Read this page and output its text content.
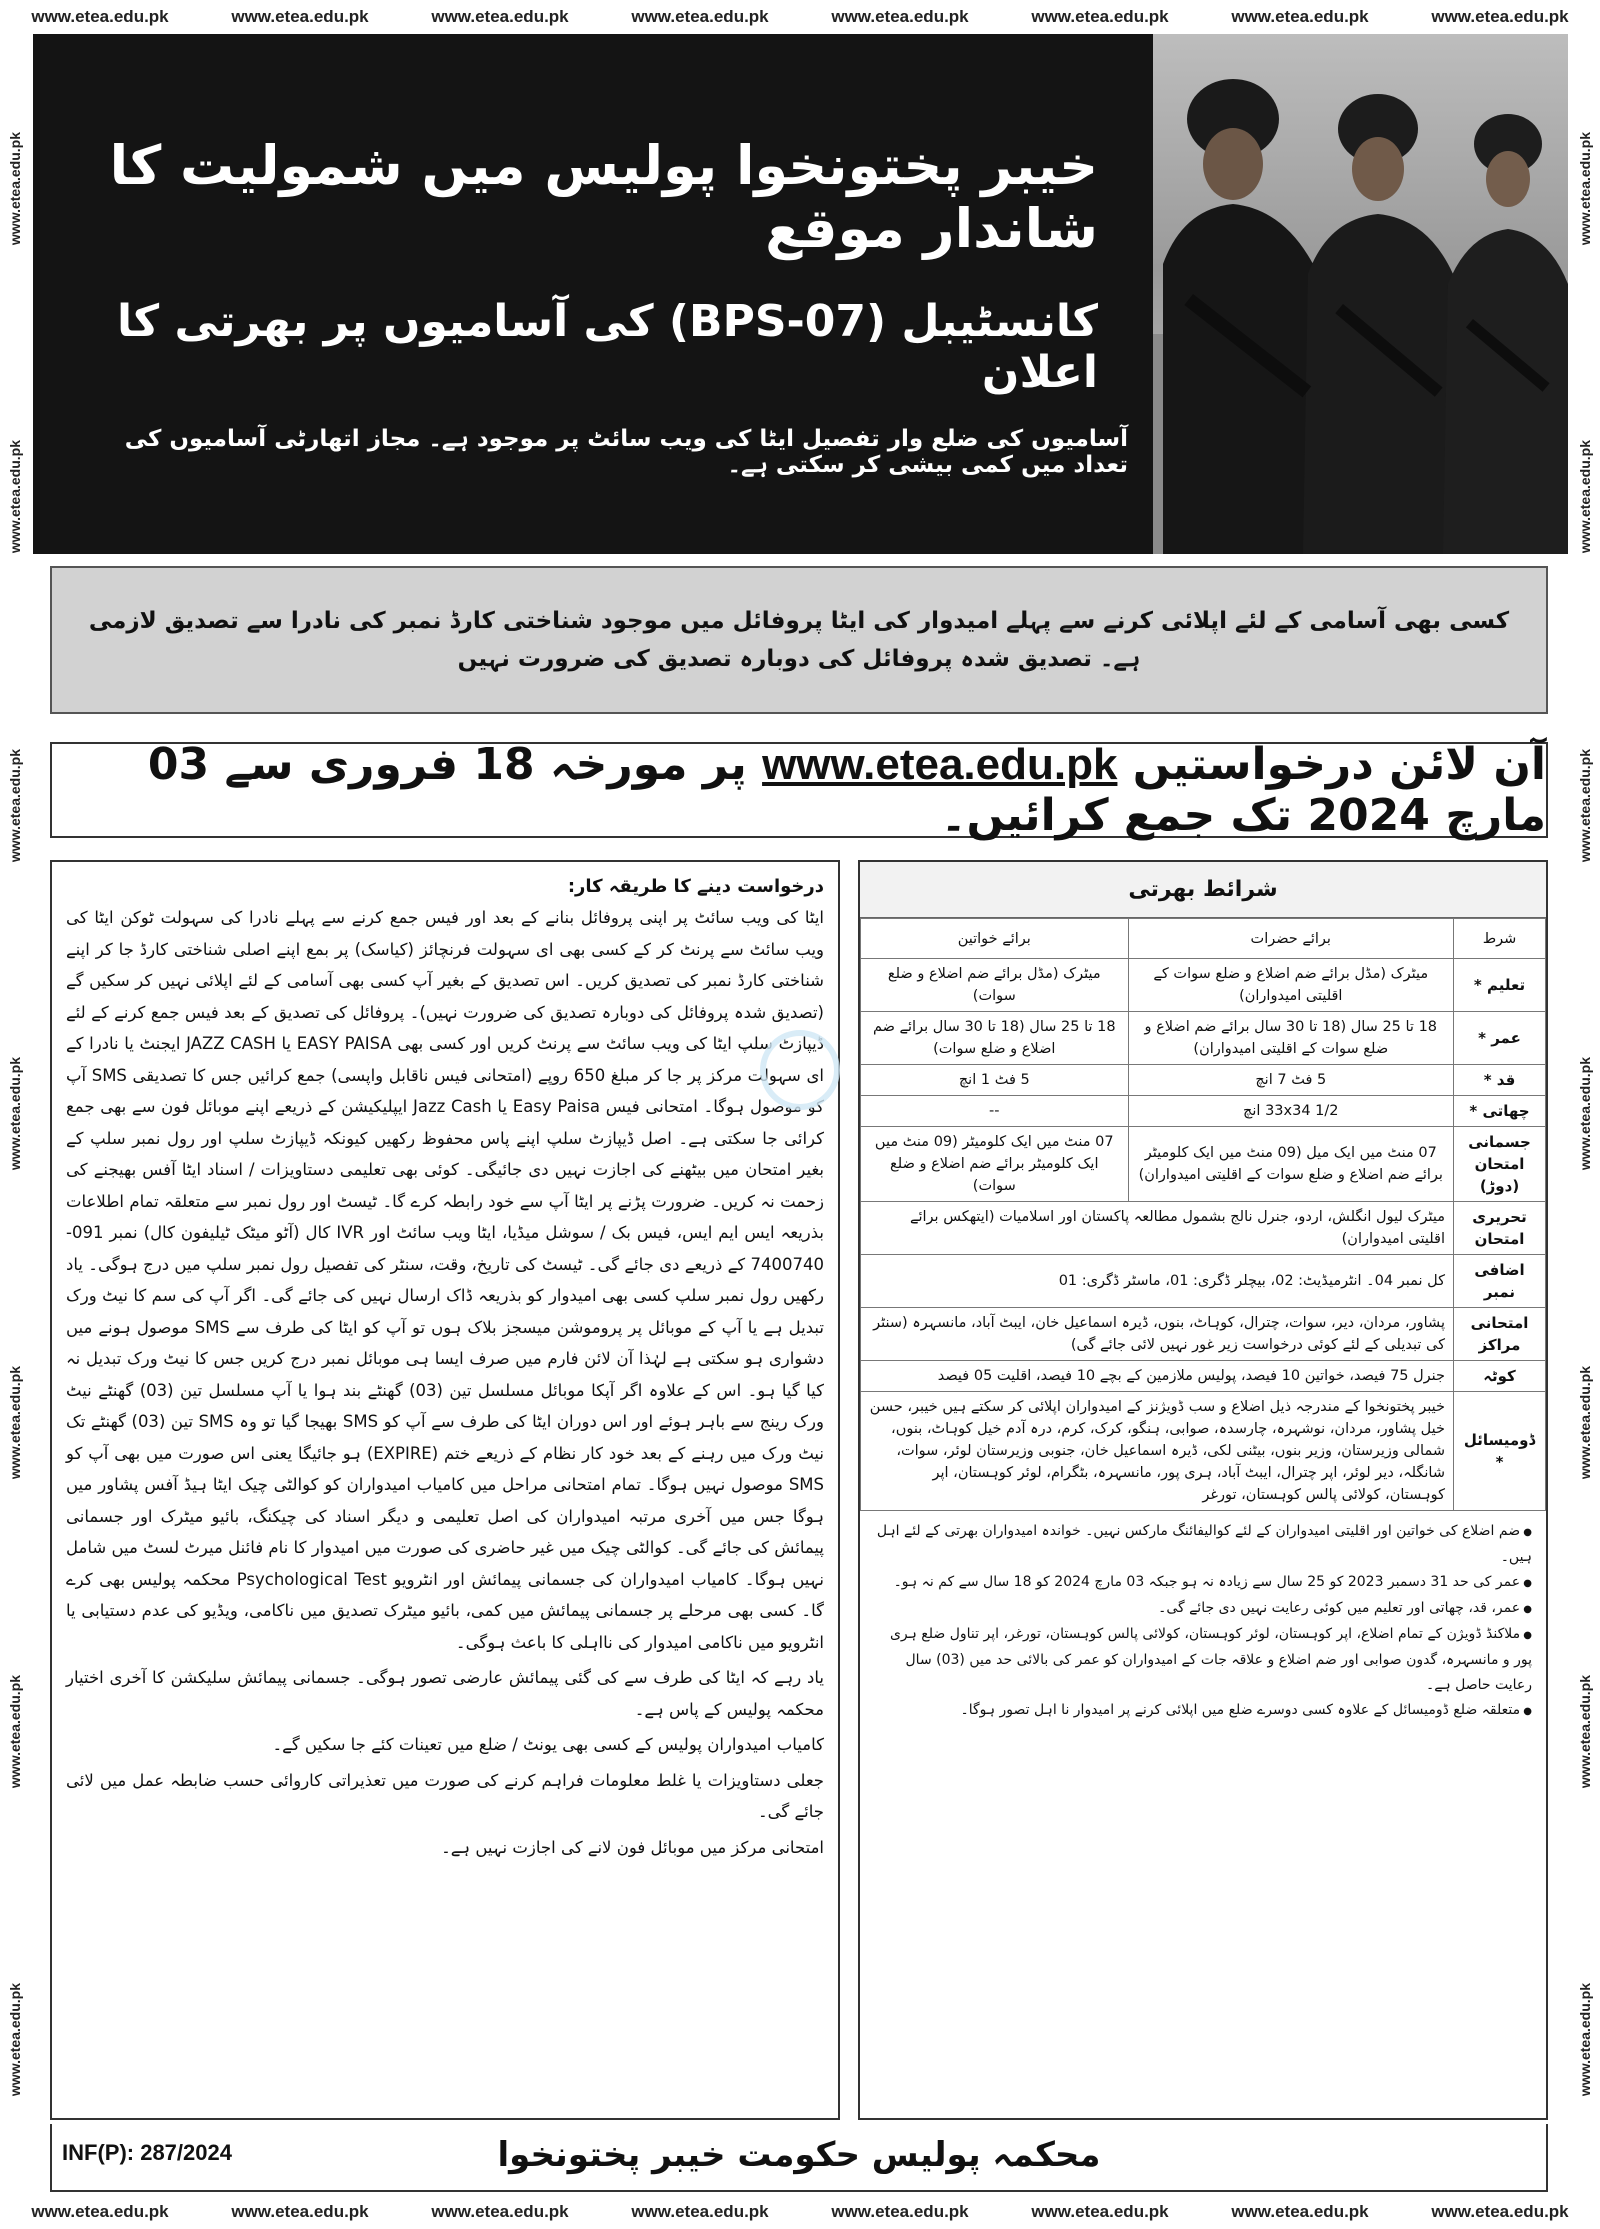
www.etea.edu.pk	www.etea.edu.pk	www.etea.edu.pk	www.etea.edu.pk	www.etea.edu.pk	www.etea.edu.pk	www.etea.edu.pk	www.etea.edu.pk
www.etea.edu.pk
www.etea.edu.pk
www.etea.edu.pk
www.etea.edu.pk
www.etea.edu.pk
www.etea.edu.pk
www.etea.edu.pk
www.etea.edu.pk
www.etea.edu.pk
www.etea.edu.pk
www.etea.edu.pk
www.etea.edu.pk
www.etea.edu.pk
www.etea.edu.pk
www.etea.edu.pk	www.etea.edu.pk	www.etea.edu.pk	www.etea.edu.pk	www.etea.edu.pk	www.etea.edu.pk	www.etea.edu.pk	www.etea.edu.pk
خیبر پختونخوا پولیس میں شمولیت کا شاندار موقع
کانسٹیبل (BPS-07) کی آسامیوں پر بھرتی کا اعلان
آسامیوں کی ضلع وار تفصیل ایٹا کی ویب سائٹ پر موجود ہے۔ مجاز اتھارٹی آسامیوں کی تعداد میں کمی بیشی کر سکتی ہے۔

کسی بھی آسامی کے لئے اپلائی کرنے سے پہلے امیدوار کی ایٹا پروفائل میں موجود شناختی کارڈ نمبر کی نادرا سے تصدیق لازمی ہے۔ تصدیق شدہ پروفائل کی دوبارہ تصدیق کی ضرورت نہیں

آن لائن درخواستیں www.etea.edu.pk پر مورخہ 18 فروری سے 03 مارچ 2024 تک جمع کرائیں۔

درخواست دینے کا طریقہ کار:

ایٹا کی ویب سائٹ پر اپنی پروفائل بنانے کے بعد اور فیس جمع کرنے سے پہلے نادرا کی سہولت ٹوکن ایٹا کی ویب سائٹ سے پرنٹ کر کے کسی بھی ای سہولت فرنچائز (کیاسک) پر بمع اپنے اصلی شناختی کارڈ جا کر اپنے شناختی کارڈ نمبر کی تصدیق کریں۔ اس تصدیق کے بغیر آپ کسی بھی آسامی کے لئے اپلائی نہیں کر سکیں گے (تصدیق شدہ پروفائل کی دوبارہ تصدیق کی ضرورت نہیں)۔ پروفائل کی تصدیق کے بعد فیس جمع کرنے کے لئے ڈیپازٹ سلپ ایٹا کی ویب سائٹ سے پرنٹ کریں اور کسی بھی EASY PAISA یا JAZZ CASH ایجنٹ یا نادرا کے ای سہولت مرکز پر جا کر مبلغ 650 روپے (امتحانی فیس ناقابل واپسی) جمع کرائیں جس کا تصدیقی SMS آپ کو موصول ہوگا۔ امتحانی فیس Easy Paisa یا Jazz Cash ایپلیکیشن کے ذریعے اپنے موبائل فون سے بھی جمع کرائی جا سکتی ہے۔ اصل ڈیپازٹ سلپ اپنے پاس محفوظ رکھیں کیونکہ ڈیپازٹ سلپ اور رول نمبر سلپ کے بغیر امتحان میں بیٹھنے کی اجازت نہیں دی جائیگی۔ کوئی بھی تعلیمی دستاویزات / اسناد ایٹا آفس بھیجنے کی زحمت نہ کریں۔ ضرورت پڑنے پر ایٹا آپ سے خود رابطہ کرے گا۔ ٹیسٹ اور رول نمبر سے متعلقہ تمام اطلاعات بذریعہ ایس ایم ایس، فیس بک / سوشل میڈیا، ایٹا ویب سائٹ اور IVR کال (آٹو میٹک ٹیلیفون کال) نمبر 091-7400740 کے ذریعے دی جائے گی۔ ٹیسٹ کی تاریخ، وقت، سنٹر کی تفصیل رول نمبر سلپ میں درج ہوگی۔ یاد رکھیں رول نمبر سلپ کسی بھی امیدوار کو بذریعہ ڈاک ارسال نہیں کی جائے گی۔ اگر آپ کی سم کا نیٹ ورک تبدیل ہے یا آپ کے موبائل پر پروموشن میسجز بلاک ہوں تو آپ کو ایٹا کی طرف سے SMS موصول ہونے میں دشواری ہو سکتی ہے لہٰذا آن لائن فارم میں صرف ایسا ہی موبائل نمبر درج کریں جس کا نیٹ ورک تبدیل نہ کیا گیا ہو۔ اس کے علاوہ اگر آپکا موبائل مسلسل تین (03) گھنٹے بند ہوا یا آپ مسلسل تین (03) گھنٹے نیٹ ورک رینج سے باہر ہوئے اور اس دوران ایٹا کی طرف سے آپ کو SMS بھیجا گیا تو وہ SMS تین (03) گھنٹے تک نیٹ ورک میں رہنے کے بعد خود کار نظام کے ذریعے ختم (EXPIRE) ہو جائیگا یعنی اس صورت میں بھی آپ کو SMS موصول نہیں ہوگا۔ تمام امتحانی مراحل میں کامیاب امیدواران کو کوالٹی چیک ایٹا ہیڈ آفس پشاور میں ہوگا جس میں آخری مرتبہ امیدواران کی اصل تعلیمی و دیگر اسناد کی چیکنگ، بائیو میٹرک اور جسمانی پیمائش کی جائے گی۔ کوالٹی چیک میں غیر حاضری کی صورت میں امیدوار کا نام فائنل میرٹ لسٹ میں شامل نہیں ہوگا۔ کامیاب امیدواران کی جسمانی پیمائش اور انٹرویو Psychological Test محکمہ پولیس بھی کرے گا۔ کسی بھی مرحلے پر جسمانی پیمائش میں کمی، بائیو میٹرک تصدیق میں ناکامی، ویڈیو کی عدم دستیابی یا انٹرویو میں ناکامی امیدوار کی نااہلی کا باعث ہوگی۔

یاد رہے کہ ایٹا کی طرف سے کی گئی پیمائش عارضی تصور ہوگی۔ جسمانی پیمائش سلیکشن کا آخری اختیار محکمہ پولیس کے پاس ہے۔

کامیاب امیدواران پولیس کے کسی بھی یونٹ / ضلع میں تعینات کئے جا سکیں گے۔

جعلی دستاویزات یا غلط معلومات فراہم کرنے کی صورت میں تعذیراتی کاروائی حسب ضابطہ عمل میں لائی جائے گی۔

امتحانی مرکز میں موبائل فون لانے کی اجازت نہیں ہے۔

شرائط بھرتی
شرط	برائے حضرات	برائے خواتین
تعلیم *	میٹرک (مڈل برائے ضم اضلاع و ضلع سوات کے اقلیتی امیدواران)	میٹرک (مڈل برائے ضم اضلاع و ضلع سوات)
عمر *	18 تا 25 سال (18 تا 30 سال برائے ضم اضلاع و ضلع سوات کے اقلیتی امیدواران)	18 تا 25 سال (18 تا 30 سال برائے ضم اضلاع و ضلع سوات)
قد *	5 فٹ 7 انچ	5 فٹ 1 انچ
چھاتی *	33x34 1/2 انچ	--
جسمانی امتحان (دوڑ)	07 منٹ میں ایک میل (09 منٹ میں ایک کلومیٹر برائے ضم اضلاع و ضلع سوات کے اقلیتی امیدواران)	07 منٹ میں ایک کلومیٹر (09 منٹ میں ایک کلومیٹر برائے ضم اضلاع و ضلع سوات)
تحریری امتحان	میٹرک لیول انگلش، اردو، جنرل نالج بشمول مطالعہ پاکستان اور اسلامیات (ایتھکس برائے اقلیتی امیدواران)	
اضافی نمبر	کل نمبر 04۔ انٹرمیڈیٹ: 02، بیچلر ڈگری: 01، ماسٹر ڈگری: 01	
امتحانی مراکز	پشاور، مردان، دیر، سوات، چترال، کوہاٹ، بنوں، ڈیرہ اسماعیل خان، ایبٹ آباد، مانسہرہ (سنٹر کی تبدیلی کے لئے کوئی درخواست زیر غور نہیں لائی جائے گی)	
کوٹہ	جنرل 75 فیصد، خواتین 10 فیصد، پولیس ملازمین کے بچے 10 فیصد، اقلیت 05 فیصد	
ڈومیسائل *	خیبر پختونخوا کے مندرجہ ذیل اضلاع و سب ڈویژنز کے امیدواران اپلائی کر سکتے ہیں خیبر، حسن خیل پشاور، مردان، نوشہرہ، چارسدہ، صوابی، ہنگو، کرک، کرم، درہ آدم خیل کوہاٹ، بنوں، شمالی وزیرستان، وزیر بنوں، بیٹنی لکی، ڈیرہ اسماعیل خان، جنوبی وزیرستان لوئر، سوات، شانگلہ، دیر لوئر، اپر چترال، ایبٹ آباد، ہری پور، مانسہرہ، بٹگرام، لوئر کوہستان، اپر کوہستان، کولائی پالس کوہستان، تورغر	
● ضم اضلاع کی خواتین اور اقلیتی امیدواران کے لئے کوالیفائنگ مارکس نہیں۔ خواندہ امیدواران بھرتی کے لئے اہل ہیں۔
● عمر کی حد 31 دسمبر 2023 کو 25 سال سے زیادہ نہ ہو جبکہ 03 مارچ 2024 کو 18 سال سے کم نہ ہو۔
● عمر، قد، چھاتی اور تعلیم میں کوئی رعایت نہیں دی جائے گی۔
● ملاکنڈ ڈویژن کے تمام اضلاع، اپر کوہستان، لوئر کوہستان، کولائی پالس کوہستان، تورغر، اپر تناول ضلع ہری پور و مانسہرہ، گدون صوابی اور ضم اضلاع و علاقہ جات کے امیدواران کو عمر کی بالائی حد میں (03) سال رعایت حاصل ہے۔
● متعلقہ ضلع ڈومیسائل کے علاوہ کسی دوسرے ضلع میں اپلائی کرنے پر امیدوار نا اہل تصور ہوگا۔
محکمہ پولیس حکومت خیبر پختونخوا
INF(P): 287/2024
